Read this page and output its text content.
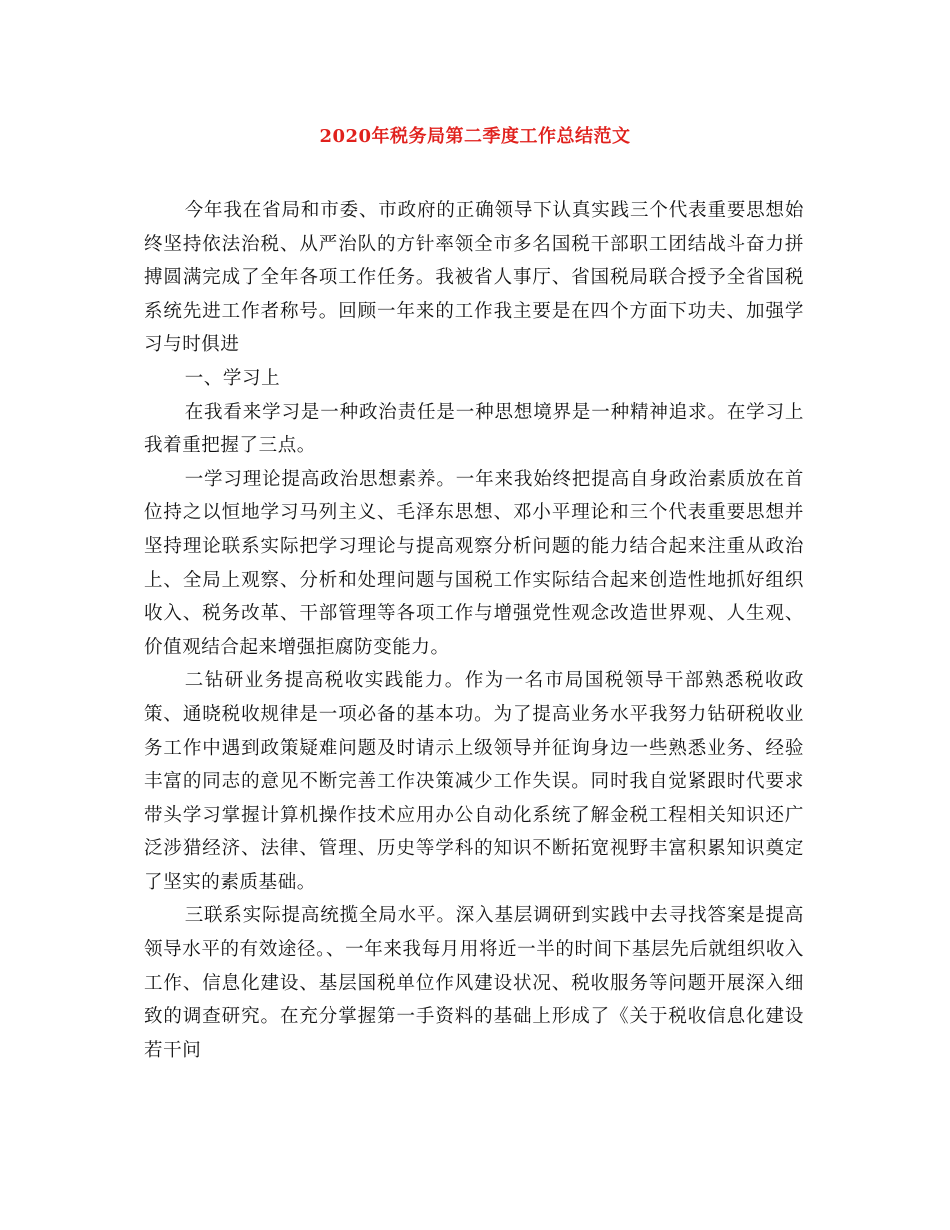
2020年税务局第二季度工作总结范文

今年我在省局和市委、市政府的正确领导下认真实践三个代表重要思想始终坚持依法治税、从严治队的方针率领全市多名国税干部职工团结战斗奋力拼搏圆满完成了全年各项工作任务。我被省人事厅、省国税局联合授予全省国税系统先进工作者称号。回顾一年来的工作我主要是在四个方面下功夫、加强学习与时俱进

一、学习上

在我看来学习是一种政治责任是一种思想境界是一种精神追求。在学习上我着重把握了三点。

一学习理论提高政治思想素养。一年来我始终把提高自身政治素质放在首位持之以恒地学习马列主义、毛泽东思想、邓小平理论和三个代表重要思想并坚持理论联系实际把学习理论与提高观察分析问题的能力结合起来注重从政治上、全局上观察、分析和处理问题与国税工作实际结合起来创造性地抓好组织收入、税务改革、干部管理等各项工作与增强党性观念改造世界观、人生观、价值观结合起来增强拒腐防变能力。

二钻研业务提高税收实践能力。作为一名市局国税领导干部熟悉税收政策、通晓税收规律是一项必备的基本功。为了提高业务水平我努力钻研税收业务工作中遇到政策疑难问题及时请示上级领导并征询身边一些熟悉业务、经验丰富的同志的意见不断完善工作决策减少工作失误。同时我自觉紧跟时代要求带头学习掌握计算机操作技术应用办公自动化系统了解金税工程相关知识还广泛涉猎经济、法律、管理、历史等学科的知识不断拓宽视野丰富积累知识奠定了坚实的素质基础。

三联系实际提高统揽全局水平。深入基层调研到实践中去寻找答案是提高领导水平的有效途径。、一年来我每月用将近一半的时间下基层先后就组织收入工作、信息化建设、基层国税单位作风建设状况、税收服务等问题开展深入细致的调查研究。在充分掌握第一手资料的基础上形成了《关于税收信息化建设若干问
